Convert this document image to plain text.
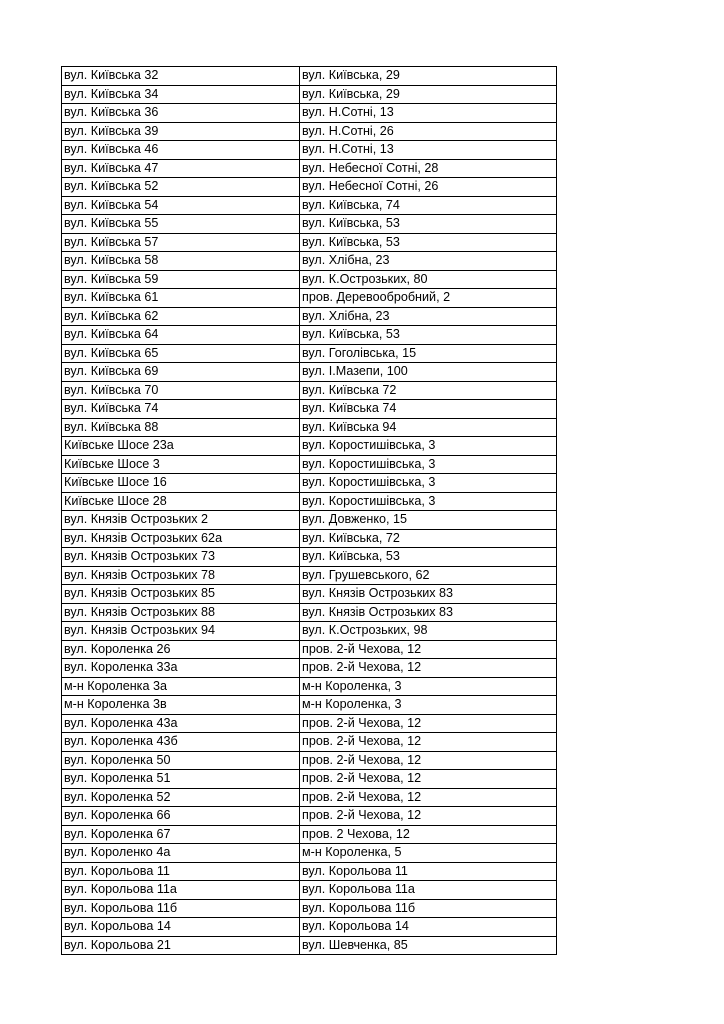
вул. Київська 32	вул. Київська, 29
вул. Київська 34	вул. Київська, 29
вул. Київська 36	вул. Н.Сотні, 13
вул. Київська 39	вул. Н.Сотні, 26
вул. Київська 46	вул. Н.Сотні, 13
вул. Київська 47	вул. Небесної Сотні, 28
вул. Київська 52	вул. Небесної Сотні, 26
вул. Київська 54	вул. Київська, 74
вул. Київська 55	вул. Київська, 53
вул. Київська 57	вул. Київська, 53
вул. Київська 58	вул. Хлібна, 23
вул. Київська 59	вул. К.Острозьких, 80
вул. Київська 61	пров. Деревообробний, 2
вул. Київська 62	вул. Хлібна, 23
вул. Київська 64	вул. Київська, 53
вул. Київська 65	вул. Гоголівська, 15
вул. Київська 69	вул. І.Мазепи, 100
вул. Київська 70	вул. Київська 72
вул. Київська 74	вул. Київська 74
вул. Київська 88	вул. Київська 94
Київське Шосе 23а	вул. Коростишівська, 3
Київське Шосе 3	вул. Коростишівська, 3
Київське Шосе 16	вул. Коростишівська, 3
Київське Шосе 28	вул. Коростишівська, 3
вул. Князів Острозьких 2	вул. Довженко, 15
вул. Князів Острозьких 62а	вул. Київська, 72
вул. Князів Острозьких 73	вул. Київська, 53
вул. Князів Острозьких 78	вул. Грушевського, 62
вул. Князів Острозьких 85	вул. Князів Острозьких 83
вул. Князів Острозьких 88	вул. Князів Острозьких 83
вул. Князів Острозьких 94	вул. К.Острозьких, 98
вул. Короленка 26	пров. 2-й Чехова, 12
вул. Короленка 33а	пров. 2-й Чехова, 12
м-н Короленка 3а	м-н Короленка, 3
м-н Короленка 3в	м-н Короленка, 3
вул. Короленка 43а	пров. 2-й Чехова, 12
вул. Короленка 43б	пров. 2-й Чехова, 12
вул. Короленка 50	пров. 2-й Чехова, 12
вул. Короленка 51	пров. 2-й Чехова, 12
вул. Короленка 52	пров. 2-й Чехова, 12
вул. Короленка 66	пров. 2-й Чехова, 12
вул. Короленка 67	пров. 2 Чехова, 12
вул. Короленко 4а	м-н Короленка, 5
вул. Корольова 11	вул. Корольова 11
вул. Корольова 11а	вул. Корольова 11а
вул. Корольова 11б	вул. Корольова 11б
вул. Корольова 14	вул. Корольова 14
вул. Корольова 21	вул. Шевченка, 85
